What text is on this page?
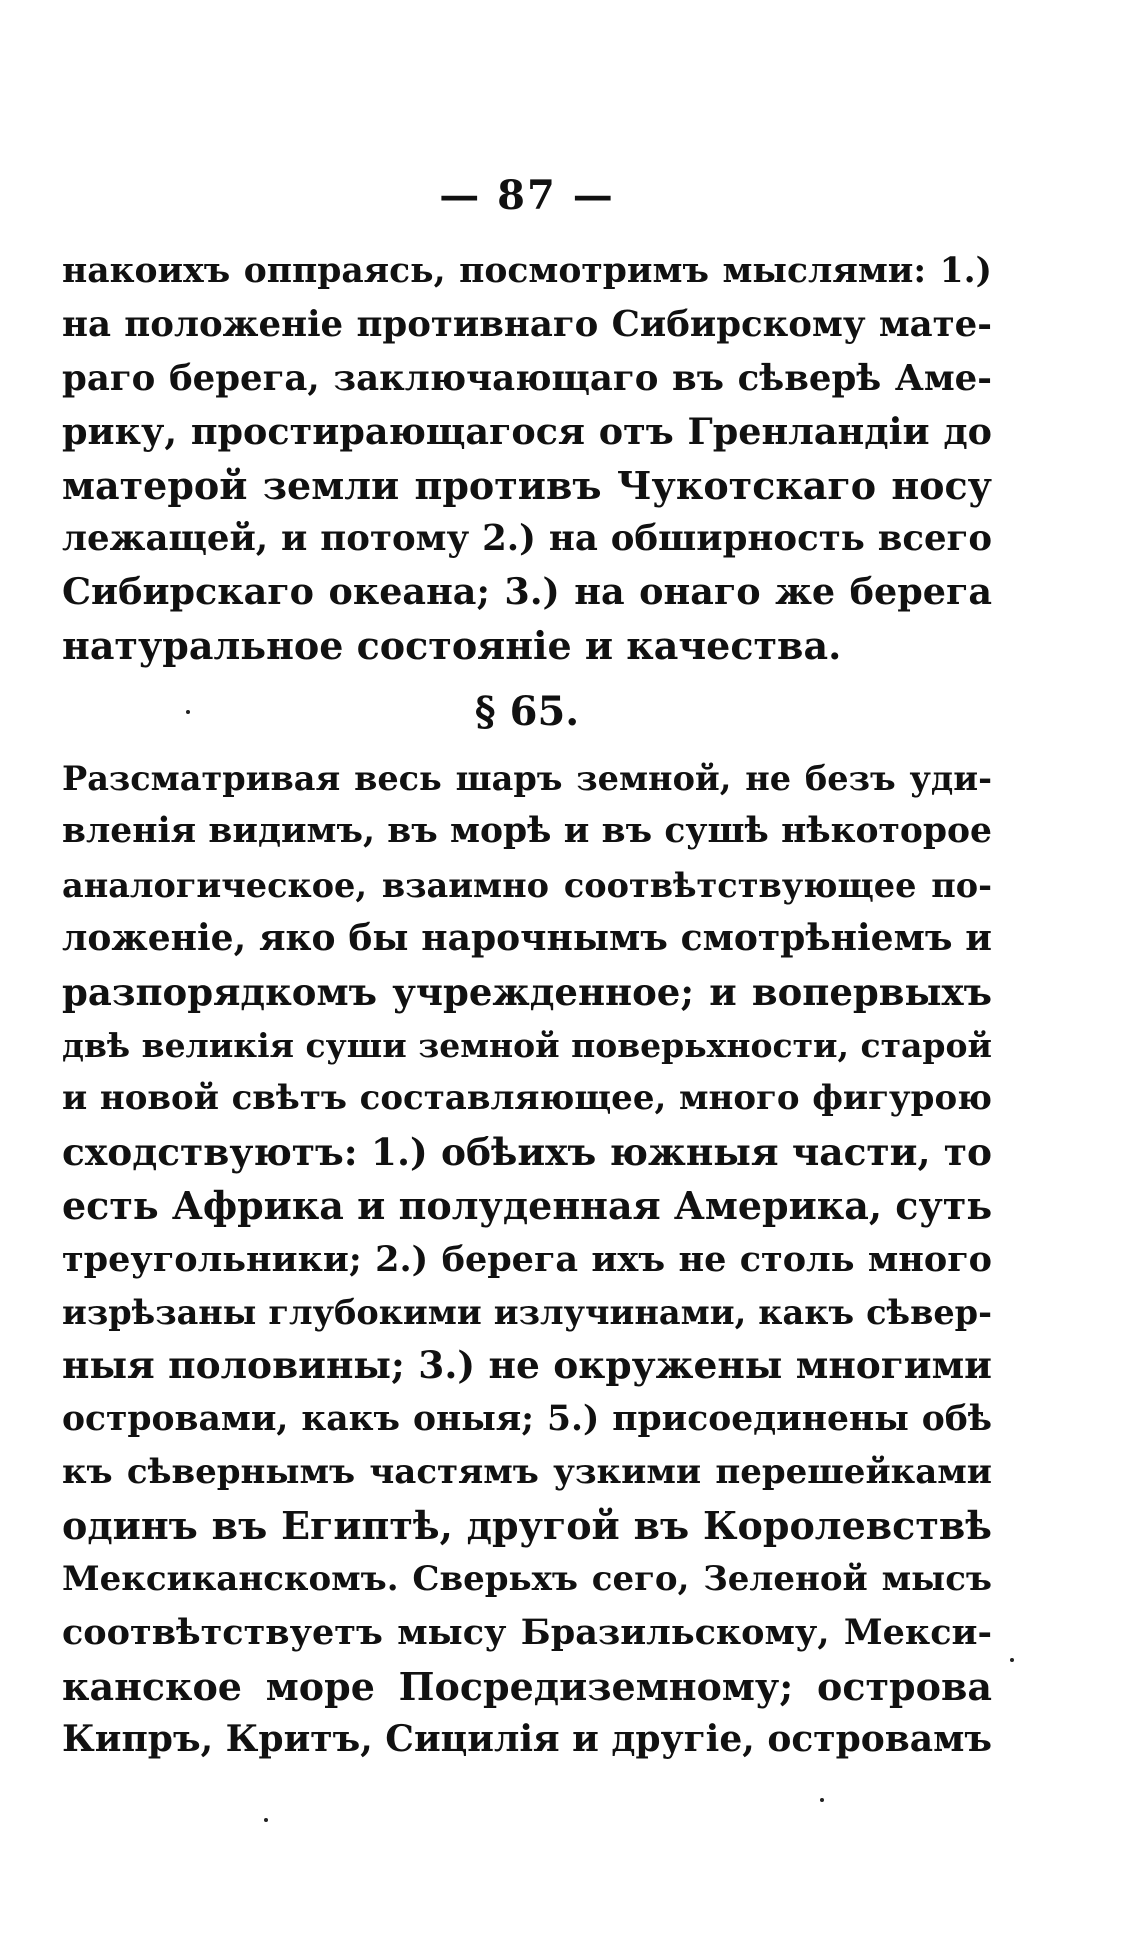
— 87 —
накоихъ оппраясь, посмотримъ мыслями: 1.)
на положеніе противнаго Сибирскому мате-
раго берега, заключающаго въ сѣверѣ Аме-
рику, простирающагося отъ Гренландіи до
матерой земли противъ Чукотскаго носу
лежащей, и потому 2.) на обширность всего
Сибирскаго океана; 3.) на онаго же берега
натуральное состояніе и качества.
§ 65.
Разсматривая весь шаръ земной, не безъ уди-
вленія видимъ, въ морѣ и въ сушѣ нѣкоторое
аналогическое, взаимно соотвѣтствующее по-
ложеніе, яко бы нарочнымъ смотрѣніемъ и
разпорядкомъ учрежденное; и вопервыхъ
двѣ великія суши земной поверьхности, старой
и новой свѣтъ составляющее, много фигурою
сходствуютъ: 1.) обѣихъ южныя части, то
есть Африка и полуденная Америка, суть
треугольники; 2.) берега ихъ не столь много
изрѣзаны глубокими излучинами, какъ сѣвер-
ныя половины; 3.) не окружены многими
островами, какъ оныя; 5.) присоединены обѣ
къ сѣвернымъ частямъ узкими перешейками
одинъ въ Египтѣ, другой въ Королевствѣ
Мексиканскомъ. Сверьхъ сего, Зеленой мысъ
соотвѣтствуетъ мысу Бразильскому, Мекси-
канское море Посредиземному; острова
Кипръ, Критъ, Сицилія и другіе, островамъ
